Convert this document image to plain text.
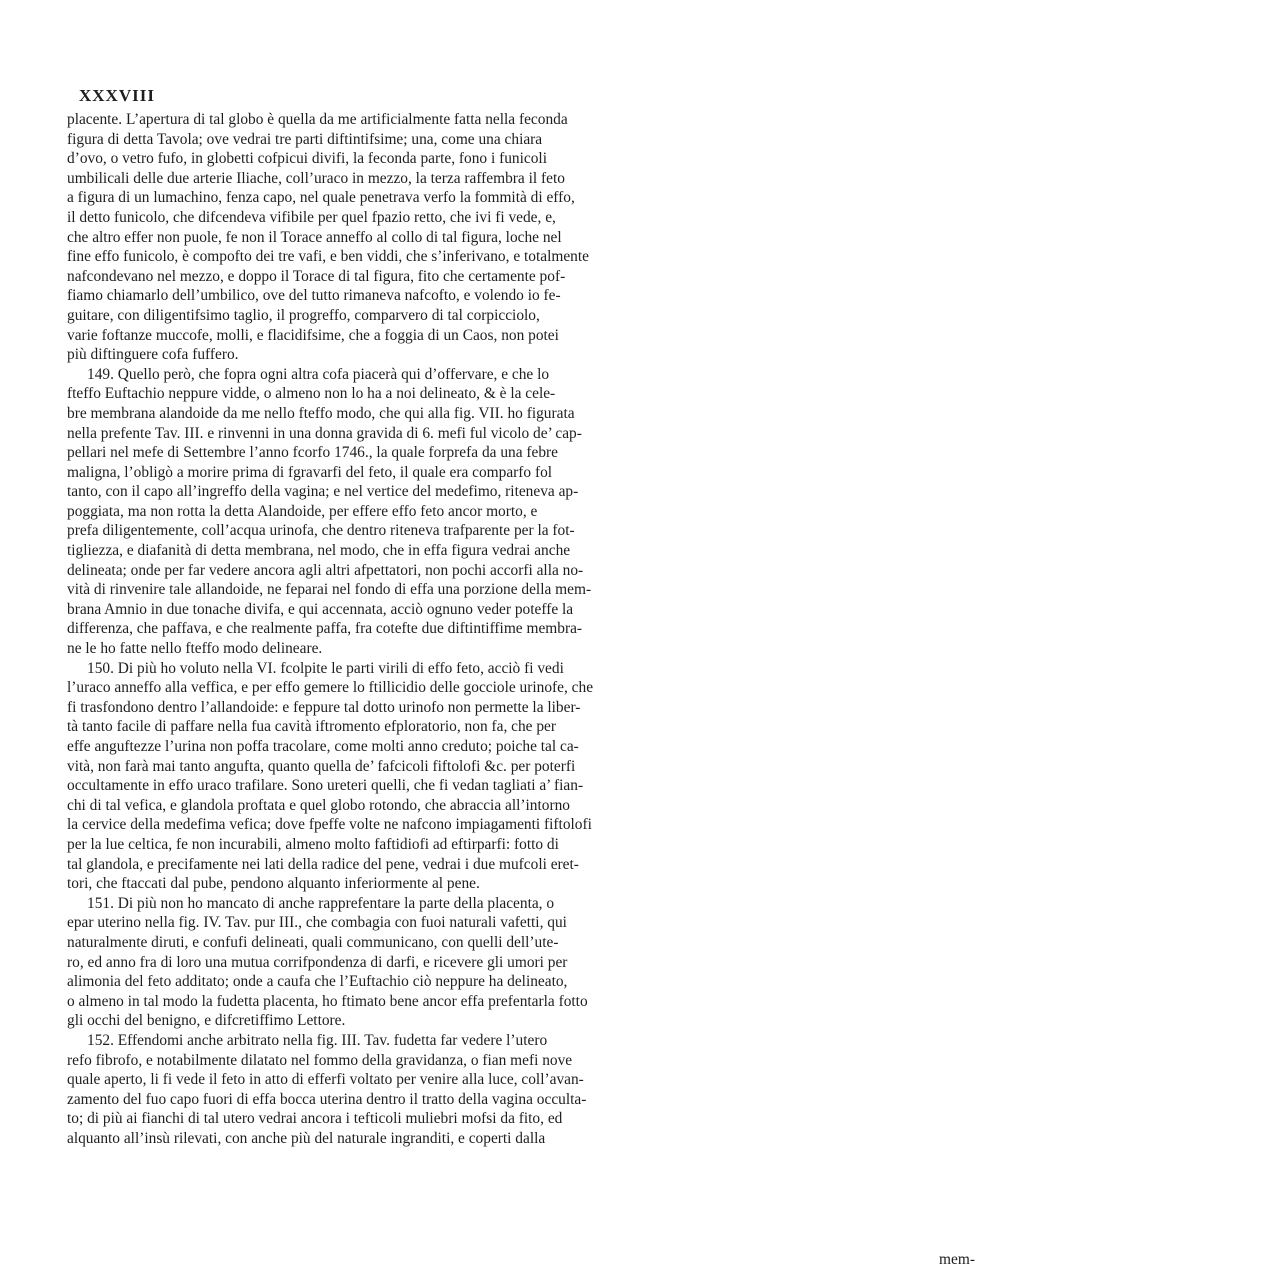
XXXVIII
placente. L’apertura di tal globo è quella da me artificialmente fatta nella feconda
figura di detta Tavola; ove vedrai tre parti diftintifsime; una, come una chiara
d’ovo, o vetro fufo, in globetti cofpicui divifi, la feconda parte, fono i funicoli
umbilicali delle due arterie Iliache, coll’uraco in mezzo, la terza raffembra il feto
a figura di un lumachino, fenza capo, nel quale penetrava verfo la fommità di effo,
il detto funicolo, che difcendeva vifibile per quel fpazio retto, che ivi fi vede, e,
che altro effer non puole, fe non il Torace anneffo al collo di tal figura, loche nel
fine effo funicolo, è compofto dei tre vafi, e ben viddi, che s’inferivano, e totalmente
nafcondevano nel mezzo, e doppo il Torace di tal figura, fito che certamente pof-
fiamo chiamarlo dell’umbilico, ove del tutto rimaneva nafcofto, e volendo io fe-
guitare, con diligentifsimo taglio, il progreffo, comparvero di tal corpicciolo,
varie foftanze muccofe, molli, e flacidifsime, che a foggia di un Caos, non potei
più diftinguere cofa fuffero.
149. Quello però, che fopra ogni altra cofa piacerà qui d’offervare, e che lo
fteffo Euftachio neppure vidde, o almeno non lo ha a noi delineato, & è la cele-
bre membrana alandoide da me nello fteffo modo, che qui alla fig. VII. ho figurata
nella prefente Tav. III. e rinvenni in una donna gravida di 6. mefi ful vicolo de’ cap-
pellari nel mefe di Settembre l’anno fcorfo 1746., la quale forprefa da una febre
maligna, l’obligò a morire prima di fgravarfi del feto, il quale era comparfo fol
tanto, con il capo all’ingreffo della vagina; e nel vertice del medefimo, riteneva ap-
poggiata, ma non rotta la detta Alandoide, per effere effo feto ancor morto, e
prefa diligentemente, coll’acqua urinofa, che dentro riteneva trafparente per la fot-
tigliezza, e diafanità di detta membrana, nel modo, che in effa figura vedrai anche
delineata; onde per far vedere ancora agli altri afpettatori, non pochi accorfi alla no-
vità di rinvenire tale allandoide, ne feparai nel fondo di effa una porzione della mem-
brana Amnio in due tonache divifa, e qui accennata, acciò ognuno veder poteffe la
differenza, che paffava, e che realmente paffa, fra cotefte due diftintiffime membra-
ne le ho fatte nello fteffo modo delineare.
150. Di più ho voluto nella VI. fcolpite le parti virili di effo feto, acciò fi vedi
l’uraco anneffo alla veffica, e per effo gemere lo ftillicidio delle gocciole urinofe, che
fi trasfondono dentro l’allandoide: e feppure tal dotto urinofo non permette la liber-
tà tanto facile di paffare nella fua cavità iftromento efploratorio, non fa, che per
effe anguftezze l’urina non poffa tracolare, come molti anno creduto; poiche tal ca-
vità, non farà mai tanto angufta, quanto quella de’ fafcicoli fiftolofi &c. per poterfi
occultamente in effo uraco trafilare. Sono ureteri quelli, che fi vedan tagliati a’ fian-
chi di tal vefica, e glandola proftata e quel globo rotondo, che abraccia all’intorno
la cervice della medefima vefica; dove fpeffe volte ne nafcono impiagamenti fiftolofi
per la lue celtica, fe non incurabili, almeno molto faftidiofi ad eftirparfi: fotto di
tal glandola, e precifamente nei lati della radice del pene, vedrai i due mufcoli eret-
tori, che ftaccati dal pube, pendono alquanto inferiormente al pene.
151. Di più non ho mancato di anche rapprefentare la parte della placenta, o
epar uterino nella fig. IV. Tav. pur III., che combagia con fuoi naturali vafetti, qui
naturalmente diruti, e confufi delineati, quali communicano, con quelli dell’ute-
ro, ed anno fra di loro una mutua corrifpondenza di darfi, e ricevere gli umori per
alimonia del feto additato; onde a caufa che l’Euftachio ciò neppure ha delineato,
o almeno in tal modo la fudetta placenta, ho ftimato bene ancor effa prefentarla fotto
gli occhi del benigno, e difcretiffimo Lettore.
152. Effendomi anche arbitrato nella fig. III. Tav. fudetta far vedere l’utero
refo fibrofo, e notabilmente dilatato nel fommo della gravidanza, o fian mefi nove
quale aperto, li fi vede il feto in atto di efferfi voltato per venire alla luce, coll’avan-
zamento del fuo capo fuori di effa bocca uterina dentro il tratto della vagina occulta-
to; di più ai fianchi di tal utero vedrai ancora i tefticoli muliebri mofsi da fito, ed
alquanto all’insù rilevati, con anche più del naturale ingranditi, e coperti dalla
mem-
